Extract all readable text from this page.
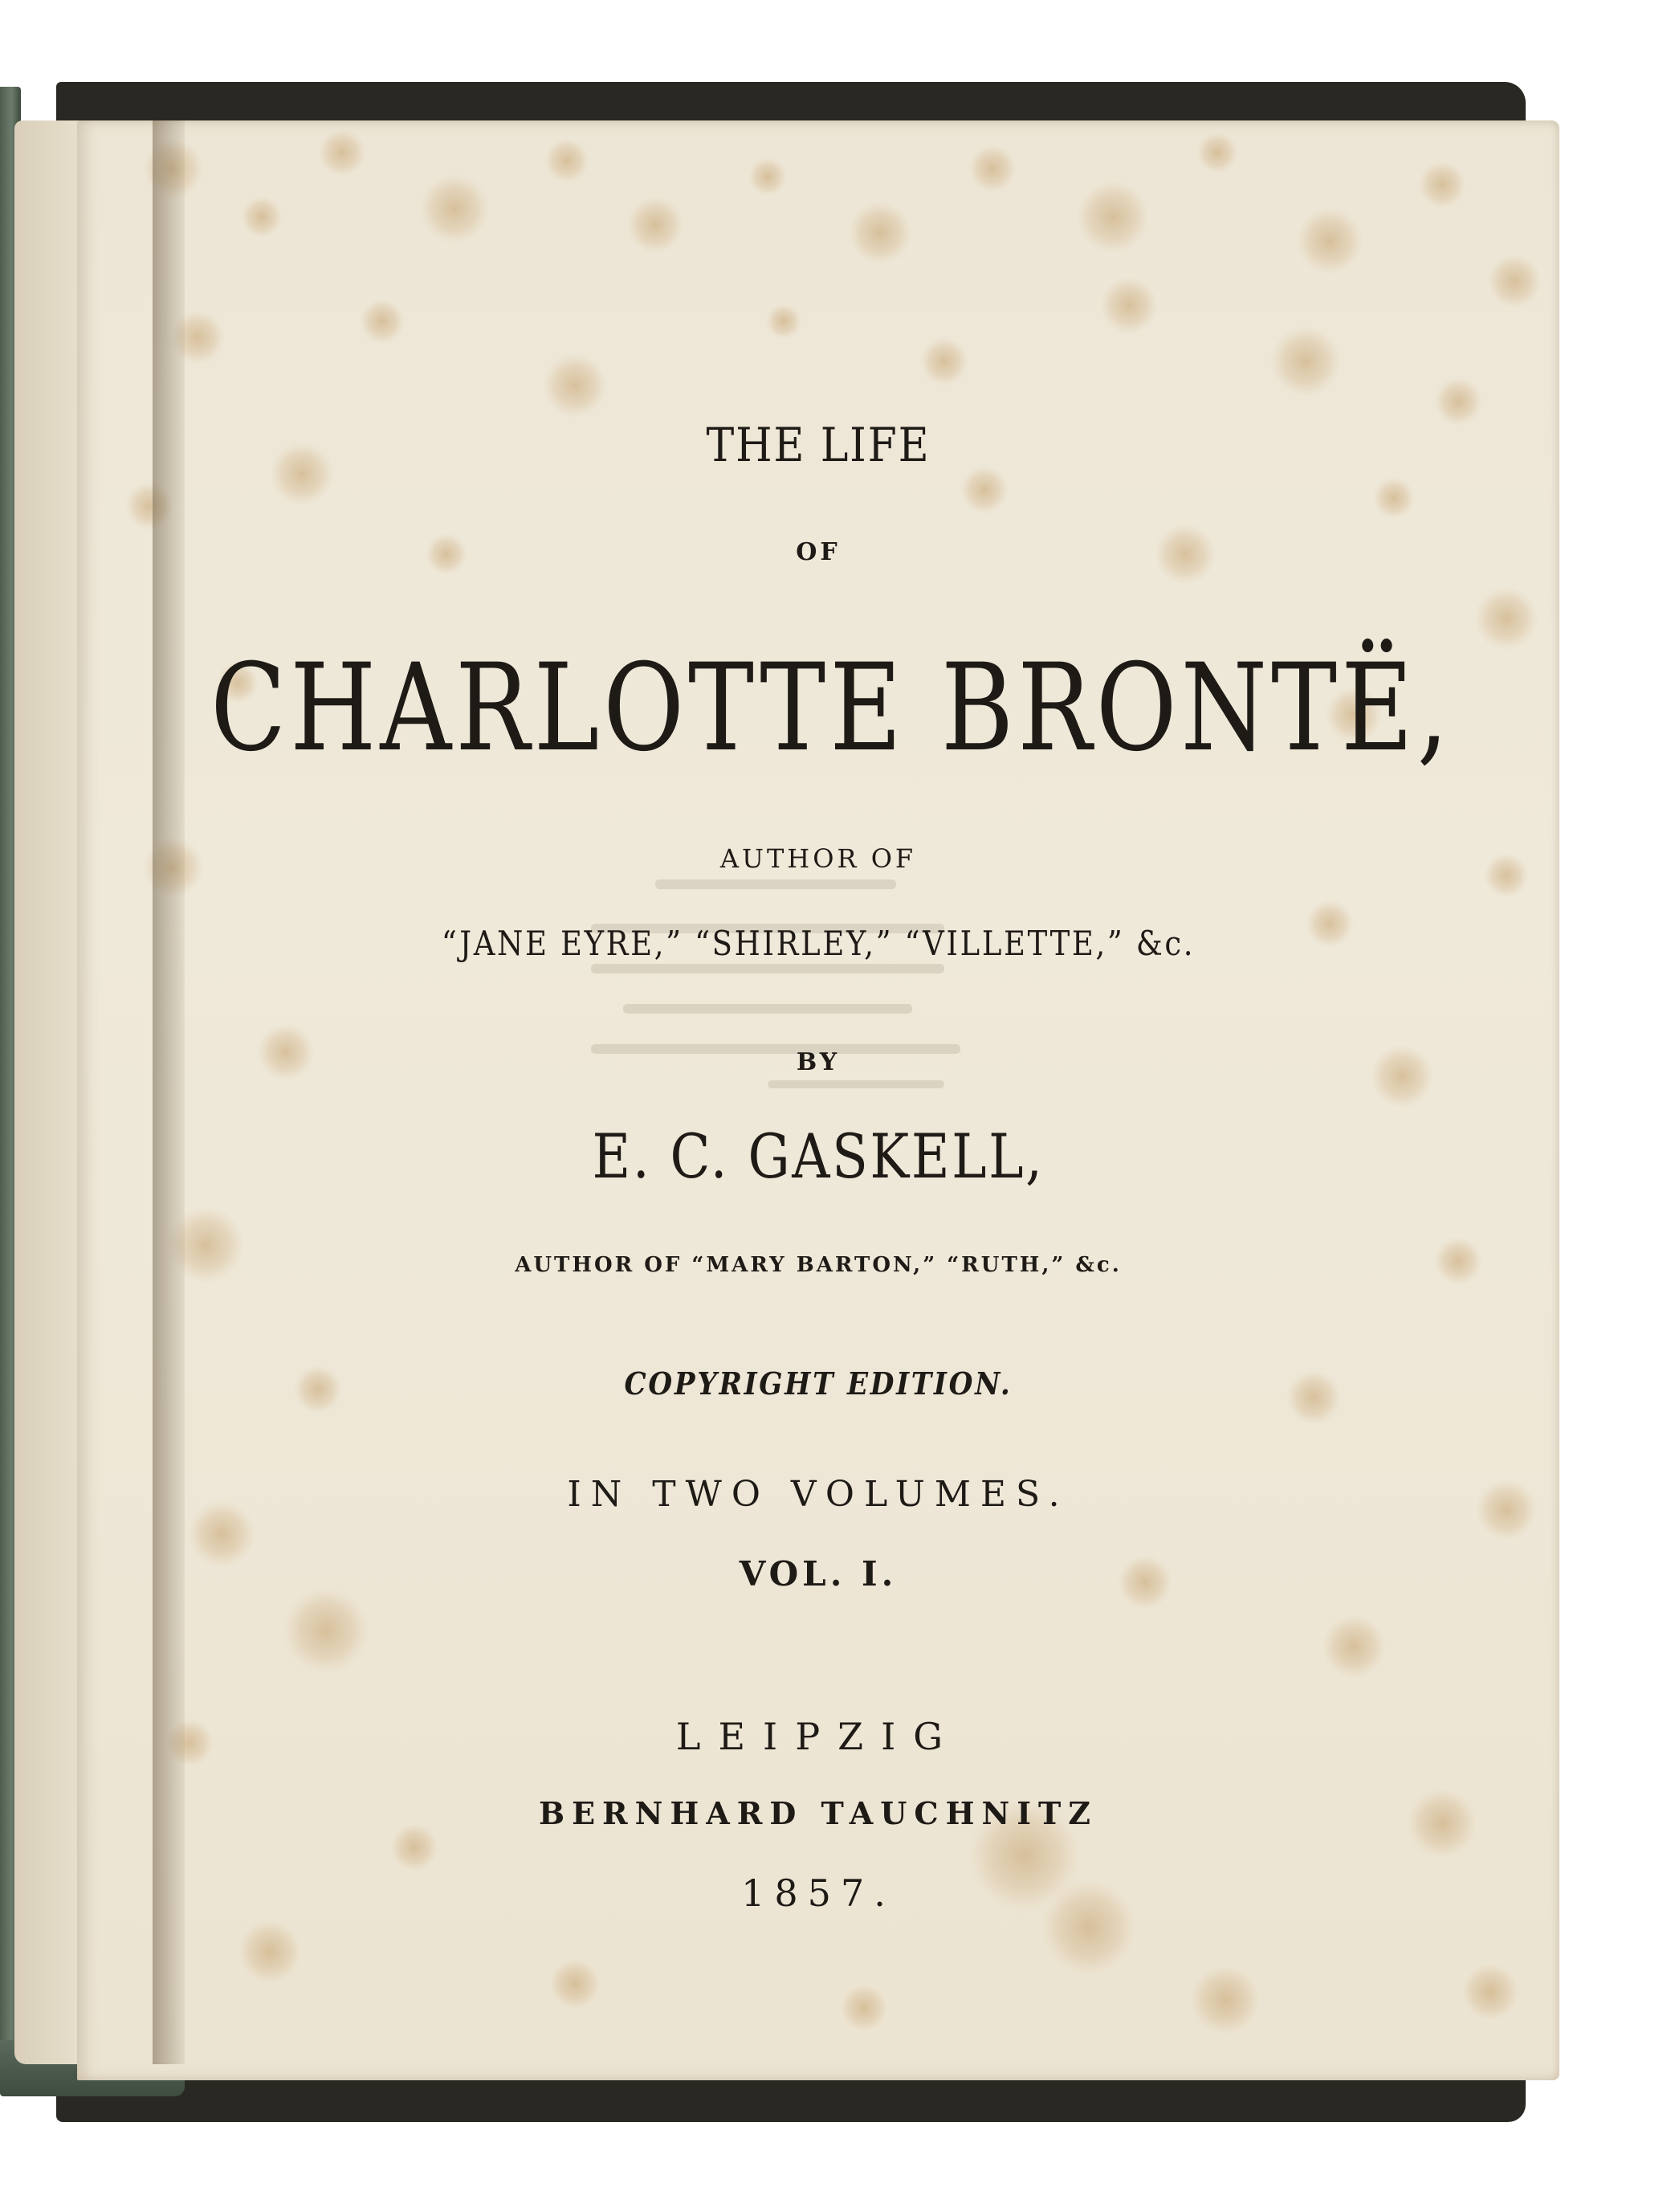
THE LIFE
OF
CHARLOTTE BRONTË,
AUTHOR OF
“JANE EYRE,” “SHIRLEY,” “VILLETTE,” &c.
BY
E. C. GASKELL,
AUTHOR OF “MARY BARTON,” “RUTH,” &c.
COPYRIGHT EDITION.
IN TWO VOLUMES.
VOL. I.
LEIPZIG
BERNHARD TAUCHNITZ
1857.
